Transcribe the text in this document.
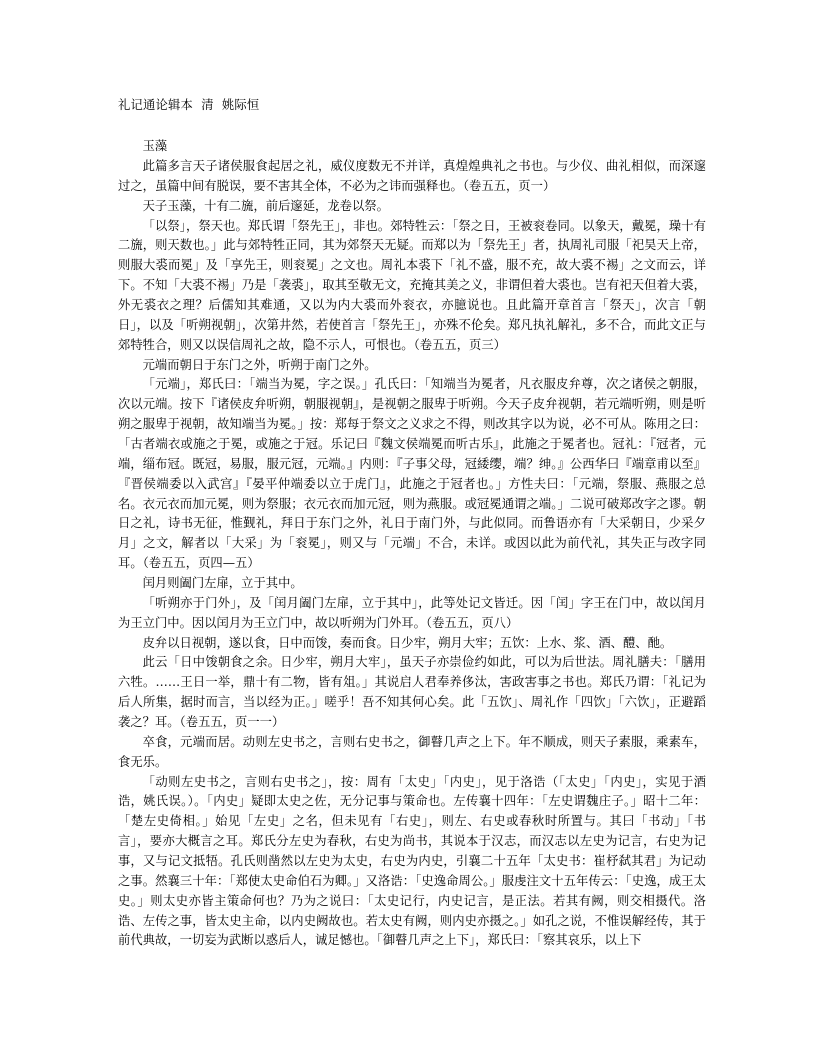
礼记通论辑本  清  姚际恒
玉藻

此篇多言天子诸侯服食起居之礼，威仪度数无不并详，真煌煌典礼之书也。与少仪、曲礼相似，而深邃过之，虽篇中间有脱误，要不害其全体，不必为之讳而强释也。（卷五五，页一）

天子玉藻，十有二旒，前后邃延，龙卷以祭。

「以祭」，祭天也。郑氏谓「祭先王」，非也。郊特牲云：「祭之日，王被衮卷同。以象天，戴冕，璪十有二旒，则天数也。」此与郊特牲正同，其为郊祭天无疑。而郑以为「祭先王」者，执周礼司服「祀昊天上帝，则服大裘而冕」及「享先王，则衮冕」之文也。周礼本裘下「礼不盛，服不充，故大裘不裼」之文而云，详下。不知「大裘不裼」乃是「袭裘」，取其至敬无文，充掩其美之义，非谓但着大裘也。岂有祀天但着大裘，外无裘衣之理？后儒知其难通，又以为内大裘而外衮衣，亦臆说也。且此篇开章首言「祭天」，次言「朝日」，以及「听朔视朝」，次第井然，若使首言「祭先王」，亦殊不伦矣。郑凡执礼解礼，多不合，而此文正与郊特牲合，则又以误信周礼之故，隐不示人，可恨也。（卷五五，页三）

元端而朝日于东门之外，听朔于南门之外。

「元端」，郑氏曰：「端当为冕，字之误。」孔氏曰：「知端当为冕者，凡衣服皮弁尊，次之诸侯之朝服，次以元端。按下『诸侯皮弁听朔，朝服视朝』，是视朝之服卑于听朔。今天子皮弁视朝，若元端听朔，则是听朔之服卑于视朝，故知端当为冕。」按：郑每于祭文之义求之不得，则改其字以为说，必不可从。陈用之曰：「古者端衣或施之于冕，或施之于冠。乐记曰『魏文侯端冕而听古乐』，此施之于冕者也。冠礼：『冠者，元端，缁布冠。既冠，易服，服元冠，元端。』内则：『子事父母，冠緌缨，端？绅。』公西华曰『端章甫以至』『晋侯端委以入武宫』『晏平仲端委以立于虎门』，此施之于冠者也。」方性夫曰：「元端，祭服、燕服之总名。衣元衣而加元冕，则为祭服；衣元衣而加元冠，则为燕服。或冠冕通谓之端。」二说可破郑改字之谬。朝日之礼，诗书无征，惟觐礼，拜日于东门之外，礼日于南门外，与此似同。而鲁语亦有「大采朝日，少采夕月」之文，解者以「大采」为「衮冕」，则又与「元端」不合，未详。或因以此为前代礼，其失正与改字同耳。（卷五五，页四—五）

闰月则阖门左扉，立于其中。

「听朔亦于门外」，及「闰月阖门左扉，立于其中」，此等处记文皆迁。因「闰」字王在门中，故以闰月为王立门中。因以闰月为王立门中，故以听朔为门外耳。（卷五五，页八）

皮弁以日视朝，遂以食，日中而馂，奏而食。日少牢，朔月大牢；五饮：上水、浆、酒、醴、酏。

此云「日中馂朝食之余。日少牢，朔月大牢」，虽天子亦崇俭约如此，可以为后世法。周礼膳夫：「膳用六牲。……王日一举，鼎十有二物，皆有俎。」其说启人君奉养侈汰，害政害事之书也。郑氏乃谓：「礼记为后人所集，据时而言，当以经为正。」嗟乎！吾不知其何心矣。此「五饮」、周礼作「四饮」「六饮」，正避蹈袭之？耳。（卷五五，页一一）

卒食，元端而居。动则左史书之，言则右史书之，御瞽几声之上下。年不顺成，则天子素服，乘素车，食无乐。

「动则左史书之，言则右史书之」，按：周有「太史」「内史」，见于洛诰（「太史」「内史」，实见于酒诰，姚氏误。）。「内史」疑即太史之佐，无分记事与策命也。左传襄十四年：「左史谓魏庄子。」昭十二年：「楚左史倚相。」始见「左史」之名，但未见有「右史」，则左、右史或春秋时所置与。其曰「书动」「书言」，要亦大概言之耳。郑氏分左史为春秋，右史为尚书，其说本于汉志，而汉志以左史为记言，右史为记事，又与记文抵牾。孔氏则凿然以左史为太史，右史为内史，引襄二十五年「太史书：崔杼弑其君」为记动之事。然襄三十年：「郑使太史命伯石为卿。」又洛诰：「史逸命周公。」服虔注文十五年传云：「史逸，成王太史。」则太史亦皆主策命何也？乃为之说曰：「太史记行，内史记言，是正法。若其有阙，则交相摄代。洛诰、左传之事，皆太史主命，以内史阙故也。若太史有阙，则内史亦摄之。」如孔之说，不惟误解经传，其于前代典故，一切妄为武断以惑后人，诚足憾也。「御瞽几声之上下」，郑氏曰：「察其哀乐，以上下
